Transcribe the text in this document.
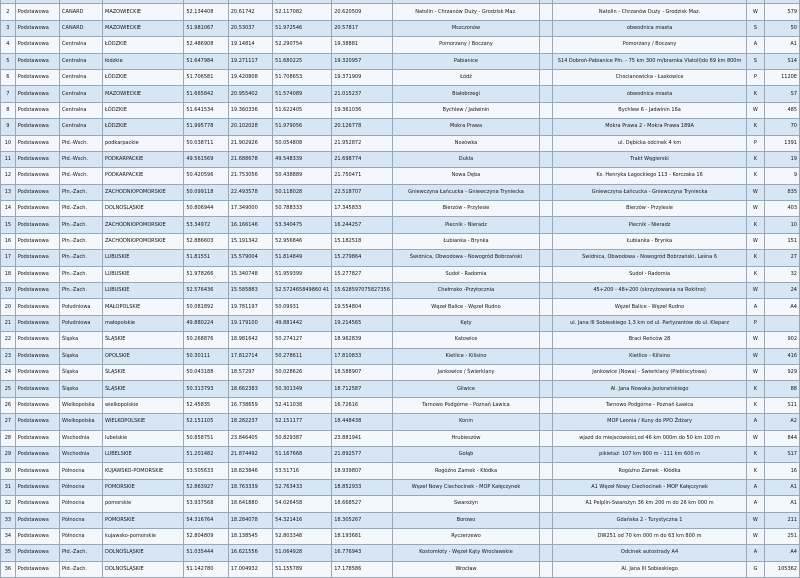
2	Podstawowa	CANARD	MAZOWIECKIE	52.134408	20.61742	52.117082	20.620509	Natolin - Chrzanów Duży - Grodzisk Maz.		Natolin - Chrzanów Duży - Grodzisk Maz.	W	579
3	Podstawowa	CANARD	MAZOWIECKIE	51.981067	20.53037	51.972546	20.57817	Mszczonów		obwodnica miasta	S	50
4	Podstawowa	Centralna	ŁÓDZKIE	52.486908	19.14814	52.290754	19.38881	Pomorzany / Boczany		Pomorzany / Boczany	A	A1
5	Podstawowa	Centralna	łódzkie	51.647984	19.271117	51.680225	19.320957	Pabianice		S14 Dobroń-Pabianice Płn. - 75 km 300 m/bramka Vlatoll)do 69 km 800m	S	S14
6	Podstawowa	Centralna	ŁÓDZKIE	51.706581	19.420808	51.708653	19.371909	Łódź		Chocianowicka - Łaskowice	P	1120E
7	Podstawowa	Centralna	MAZOWIECKIE	51.665842	20.955402	51.574089	21.015237	Białobrzegi		obwodnica miasta	K	S7
8	Podstawowa	Centralna	ŁÓDZKIE	51.641534	19.360336	51.622405	19.361036	Bychlew / Jadwinin		Bychlew 6 - Jadwinin 16a	W	485
9	Podstawowa	Centralna	ŁÓDZKIE	51.995778	20.102028	51.979056	20.126778	Mokra Prawa		Mokra Prawa 2 - Mokra Prawa 189A	K	70
10	Podstawowa	Płd.-Wsch.	podkarpackie	50.038711	21.902926	50.054808	21.952872	Nosówka		ul. Dębicka odcinek 4 km	P	1391
11	Podstawowa	Płd.-Wsch.	PODKARPACKIE	49.561569	21.688678	49.548339	21.698774	Dukla		Trakt Węgierski	K	19
12	Podstawowa	Płd.-Wsch.	PODKARPACKIE	50.420596	21.753056	50.438889	21.750471	Nowa Dęba		Ks. Henryka Łagockiego 113 - Korczaka 16	K	9
13	Podstawowa	Płn.-Zach.	ZACHODNIOPOMORSKIE	50.099118	22.493578	50.118028	22.518707	Gniewczyna Łańcucka - Gniewczyna Tryniecka		Gniewczyna Łańcucka - Gniewczyna Tryniecka	W	835
14	Podstawowa	Płd.-Zach.	DOLNOŚLĄSKIE	50.806944	17.349000	50.788333	17.345833	Bierzów - Przylesie		Bierzów - Przylesie	W	403
15	Podstawowa	Płn.-Zach.	ZACHODNIOPOMORSKIE	53.34972	16.166146	53.340475	16.244257	Piecnik - Nieradz		Piecnik - Nieradz	K	10
16	Podstawowa	Płn.-Zach.	ZACHODNIOPOMORSKIE	52.886603	15.191342	52.956846	15.182518	Łubianka - Brynka		Łubianka - Brynka	W	151
17	Podstawowa	Płn.-Zach.	LUBUSKIE	51.81551	15.579004	51.814849	15.279864	Świdnica, Obwodowa - Nowogród Bobrzański		Świdnica, Obwodowa - Nowogród Bobrzański, Leśna 6	K	27
18	Podstawowa	Płn.-Zach.	LUBUSKIE	51.978266	15.340748	51.959399	15.277827	Sudoł - Radomia		Sudoł - Radomia	K	32
19	Podstawowa	Płn.-Zach.	LUBUSKIE	52.576436	15.585883	52.572465849860 41	15.628597075827356	Chełmsko -Przytocznia		45+200 - 48+200 (skrzyżowania na Rokitno)	W	24
20	Podstawowa	Południowa	MAŁOPOLSKIE	50.081892	19.781197	50.09931	19.554804	Węzeł Balice - Węzeł Rudno		Węzeł Balice - Węzeł Rudno	A	A4
21	Podstawowa	Południowa	małopolskie	49.880224	19.179100	49.881442	19.214565	Kęty		ul. Jana III Sobieskiego 1,3 km od ul. Partyzantów do ul. Kleparz	P	
22	Podstawowa	Śląska	ŚLĄSKIE	50.268876	18.981642	50.274127	18.962839	Katowice		Braci Reńców 28	W	902
23	Podstawowa	Śląska	OPOLSKIE	50.30111	17.812714	50.278611	17.810833	Kietlice - Kilisino		Kietlice - Kilisino	W	416
24	Podstawowa	Śląska	ŚLĄSKIE	50.043188	18.57297	50.028626	18.588907	Jankowice / Świerklany		Jankowice (Nowa) - Świerklany (Plebiscytowa)	W	929
25	Podstawowa	Śląska	ŚLĄSKIE	50.313793	18.662383	50.301349	18.712587	Gliwice		Al. Jana Nowaka Jeziorańskiego	K	88
26	Podstawowa	Wielkopolska	wielkopolskie	52.45835	16.738659	52.411038	16.72616	Tarnowo Podgórne - Poznań Ławica		Tarnowo Podgórne - Poznań Ławica	K	S11
27	Podstawowa	Wielkopolska	WIELKOPOLSKIE	52.151105	18.282237	52.151177	18.448438	Konin		MOP Leonia / Kuny do PPO Żdżary	A	A2
28	Podstawowa	Wschodnia	lubelskie	50.858751	23.846405	50.829387	23.881941	Hrubieszów		wjazd do miejscowości,od 46 km 000m do 50 km 100 m	W	844
29	Podstawowa	Wschodnia	LUBELSKIE	51.201482	21.874492	51.167668	21.892577	Gołąb		pikietaż: 107 km 900 m - 111 km 600 m	K	S17
30	Podstawowa	Północna	KUJAWSKO-POMORSKIE	53.505633	18.823846	53.51716	18.939807	Rogóźno Zamek - Kłódka		Rogóźno Zamek - Kłódka	K	16
31	Podstawowa	Północna	POMORSKIE	52.863927	18.763339	52.763433	18.852933	Węzeł Nowy Ciechocinek - MOP Kałęczynek		A1 Węzeł Nowy Ciechocinek - MOP Kałęczynek	A	A1
32	Podstawowa	Północna	pomorskie	53.937568	18.641880	54.026458	18.668527	Swarożyn		A1 Pelplin-Swarożyn 36 km 200 m do 26 km 000 m	A	A1
33	Podstawowa	Północna	POMORSKIE	54.316764	18.284078	54.321416	18.305267	Borowo		Gdańska 2 - Turystyczna 1	W	211
34	Podstawowa	Północna	kujawsko-pomorskie	52.804809	18.138545	52.803348	18.193681	Ryczerzewo		DW251 od 70 km 000 m do 63 km 800 m	W	251
35	Podstawowa	Płd.-Zach.	DOLNOŚLĄSKIE	51.035444	16.621556	51.064928	16.776943	Kostomłoty - Węzeł Kąty Wrocławskie		Odcinek autostrady A4	A	A4
36	Podstawowa	Płd.-Zach.	DOLNOŚLĄSKIE	51.142780	17.004932	51.155789	17.178586	Wrocław		Al. Jana III Sobieskiego	G	105362
